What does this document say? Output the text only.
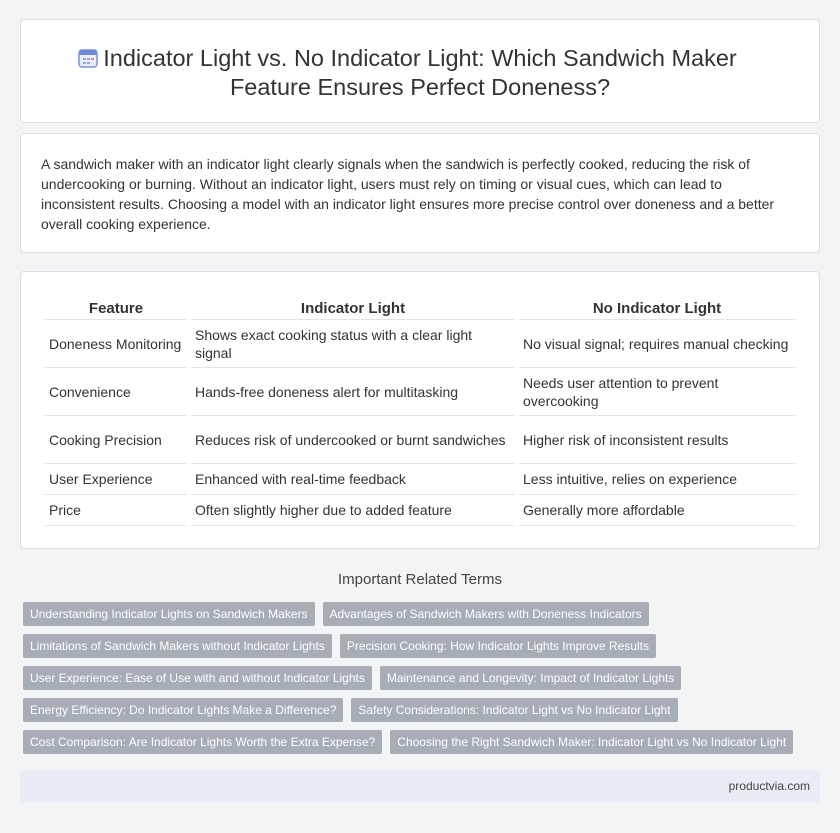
Indicator Light vs. No Indicator Light: Which Sandwich Maker
Feature Ensures Perfect Doneness?

A sandwich maker with an indicator light clearly signals when the sandwich is perfectly cooked, reducing the risk of undercooking or burning. Without an indicator light, users must rely on timing or visual cues, which can lead to inconsistent results. Choosing a model with an indicator light ensures more precise control over doneness and a better overall cooking experience.

Feature	Indicator Light	No Indicator Light
Doneness Monitoring	Shows exact cooking status with a clear light signal	No visual signal; requires manual checking
Convenience	Hands-free doneness alert for multitasking	Needs user attention to prevent overcooking
Cooking Precision	Reduces risk of undercooked or burnt sandwiches	Higher risk of inconsistent results
User Experience	Enhanced with real-time feedback	Less intuitive, relies on experience
Price	Often slightly higher due to added feature	Generally more affordable
Important Related Terms
Understanding Indicator Lights on Sandwich Makers	Advantages of Sandwich Makers with Doneness Indicators
Limitations of Sandwich Makers without Indicator Lights	Precision Cooking: How Indicator Lights Improve Results
User Experience: Ease of Use with and without Indicator Lights	Maintenance and Longevity: Impact of Indicator Lights
Energy Efficiency: Do Indicator Lights Make a Difference?	Safety Considerations: Indicator Light vs No Indicator Light
Cost Comparison: Are Indicator Lights Worth the Extra Expense?	Choosing the Right Sandwich Maker: Indicator Light vs No Indicator Light
productvia.com
